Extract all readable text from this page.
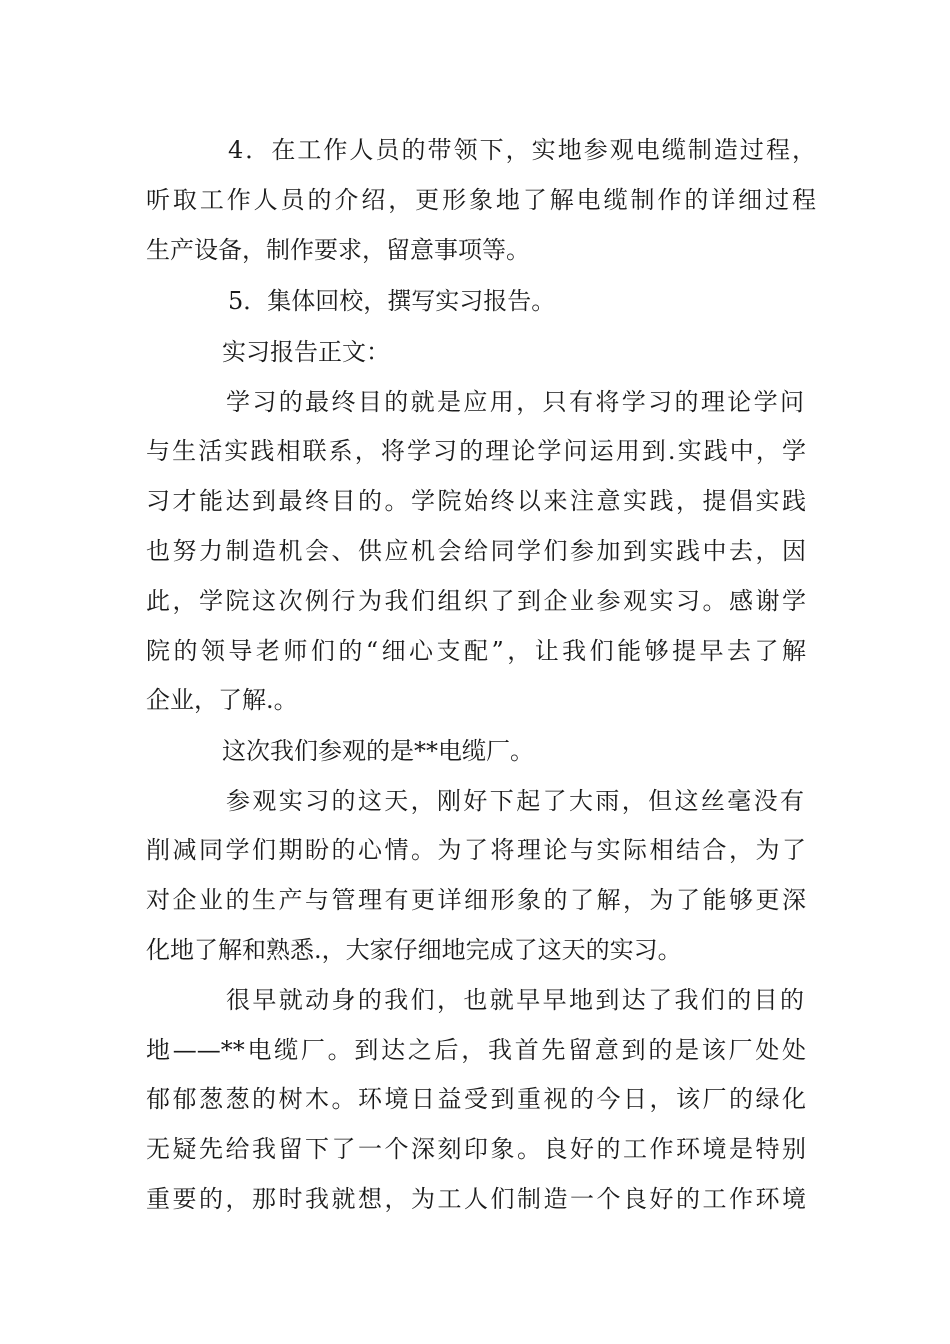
4．在工作人员的带领下，实地参观电缆制造过程，
听取工作人员的介绍，更形象地了解电缆制作的详细过程
生产设备，制作要求，留意事项等。
5．集体回校，撰写实习报告。
实习报告正文：
学习的最终目的就是应用，只有将学习的理论学问
与生活实践相联系，将学习的理论学问运用到.实践中，学
习才能达到最终目的。学院始终以来注意实践，提倡实践
也努力制造机会、供应机会给同学们参加到实践中去，因
此，学院这次例行为我们组织了到企业参观实习。感谢学
院的领导老师们的“细心支配”，让我们能够提早去了解
企业，了解.。
这次我们参观的是**电缆厂。
参观实习的这天，刚好下起了大雨，但这丝毫没有
削减同学们期盼的心情。为了将理论与实际相结合，为了
对企业的生产与管理有更详细形象的了解，为了能够更深
化地了解和熟悉.，大家仔细地完成了这天的实习。
很早就动身的我们，也就早早地到达了我们的目的
地——**电缆厂。到达之后，我首先留意到的是该厂处处
郁郁葱葱的树木。环境日益受到重视的今日，该厂的绿化
无疑先给我留下了一个深刻印象。良好的工作环境是特别
重要的，那时我就想，为工人们制造一个良好的工作环境
